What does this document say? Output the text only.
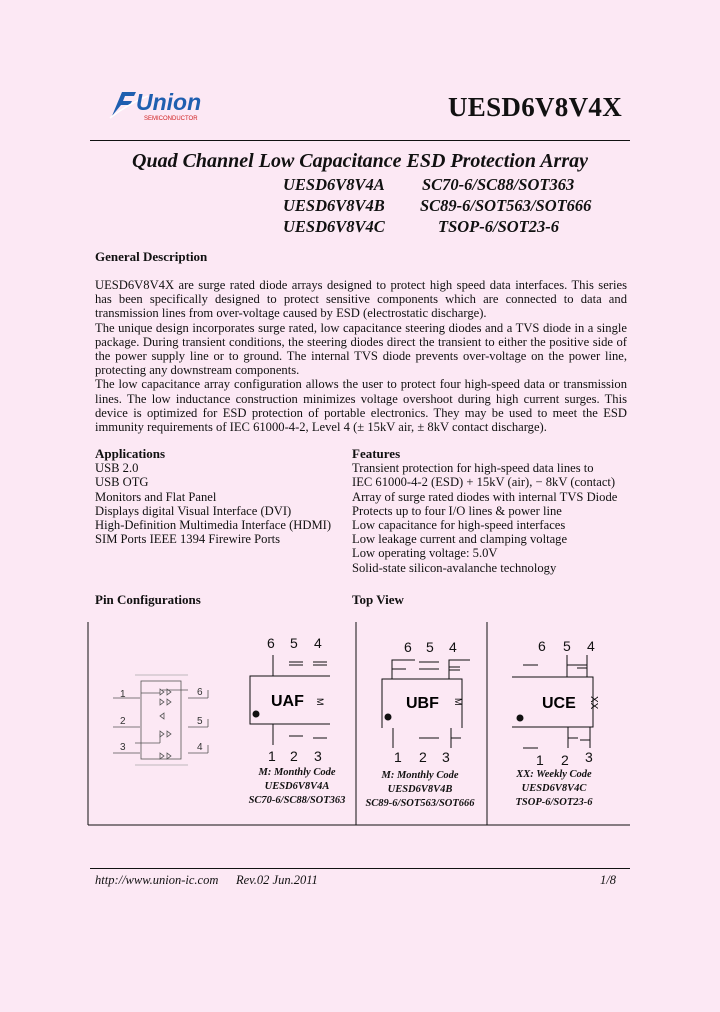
Union
SEMICONDUCTOR	UESD6V8V4X
Quad Channel Low Capacitance ESD Protection Array
UESD6V8V4A SC70-6/SC88/SOT363
UESD6V8V4B SC89-6/SOT563/SOT666
UESD6V8V4C	TSOP-6/SOT23-6
General Description

UESD6V8V4X are surge rated diode arrays designed to protect high speed data interfaces. This series has been specifically designed to protect sensitive components which are connected to data and transmission lines from over-voltage caused by ESD (electrostatic discharge).

The unique design incorporates surge rated, low capacitance steering diodes and a TVS diode in a single package. During transient conditions, the steering diodes direct the transient to either the positive side of the power supply line or to ground. The internal TVS diode prevents over-voltage on the power line, protecting any downstream components.

The low capacitance array configuration allows the user to protect four high-speed data or transmission lines. The low inductance construction minimizes voltage overshoot during high current surges. This device is optimized for ESD protection of portable electronics. They may be used to meet the ESD immunity requirements of IEC 61000-4-2, Level 4 (± 15kV air, ± 8kV contact discharge).

Applications
USB 2.0
USB OTG
Monitors and Flat Panel
Displays digital Visual Interface (DVI)
High-Definition Multimedia Interface (HDMI)
SIM Ports IEEE 1394 Firewire Ports
Features
Transient protection for high-speed data lines to
IEC 61000-4-2 (ESD) + 15kV (air), − 8kV (contact)
Array of surge rated diodes with internal TVS Diode
Protects up to four I/O lines & power line
Low capacitance for high-speed interfaces
Low leakage current and clamping voltage
Low operating voltage: 5.0V
Solid-state silicon-avalanche technology
Pin Configurations	Top View
1
2
3
6
5
4
6 5 4
1 2 3
UAF M
6 5 4
1 2 3
UBF M
6 5 4
1 2 3
UCE XX
M: Monthly Code
UESD6V8V4A
SC70-6/SC88/SOT363
M: Monthly Code
UESD6V8V4B
SC89-6/SOT563/SOT666
XX: Weekly Code
UESD6V8V4C
TSOP-6/SOT23-6
http://www.union-ic.com Rev.02 Jun.2011	1/8
